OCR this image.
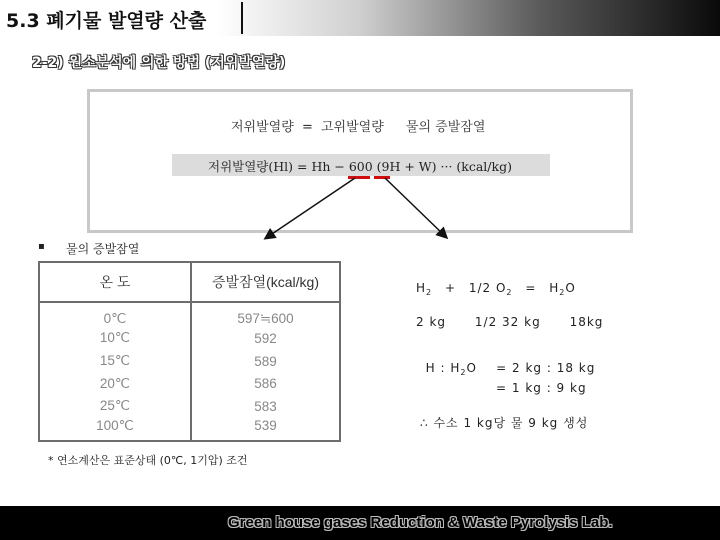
5.3 폐기물 발열량 산출
2-2) 원소분석에 의한 방법 (저위발열량)
저위발열량 = 고위발열량 물의 증발잠열
저위발열량(Hl) = Hh − 600 (9H + W) ··· (kcal/kg)
▪ 물의 증발잠열
온 도	증발잠열(kcal/kg)
0℃	597≒600
10℃	592
15℃	589
20℃	586
25℃	583
100℃	539
* 연소계산은 표준상태 (0℃, 1기압) 조건
$H_2 + 1/2$ $O_2 = H_2O$
2 kg      1/2 32 kg      18kg

H : $H_2O$    = 2 kg : 18 kg

= 1 kg : 9 kg
∴ 수소 1 kg당 물 9 kg 생성
Green house gases Reduction & Waste Pyrolysis Lab.
